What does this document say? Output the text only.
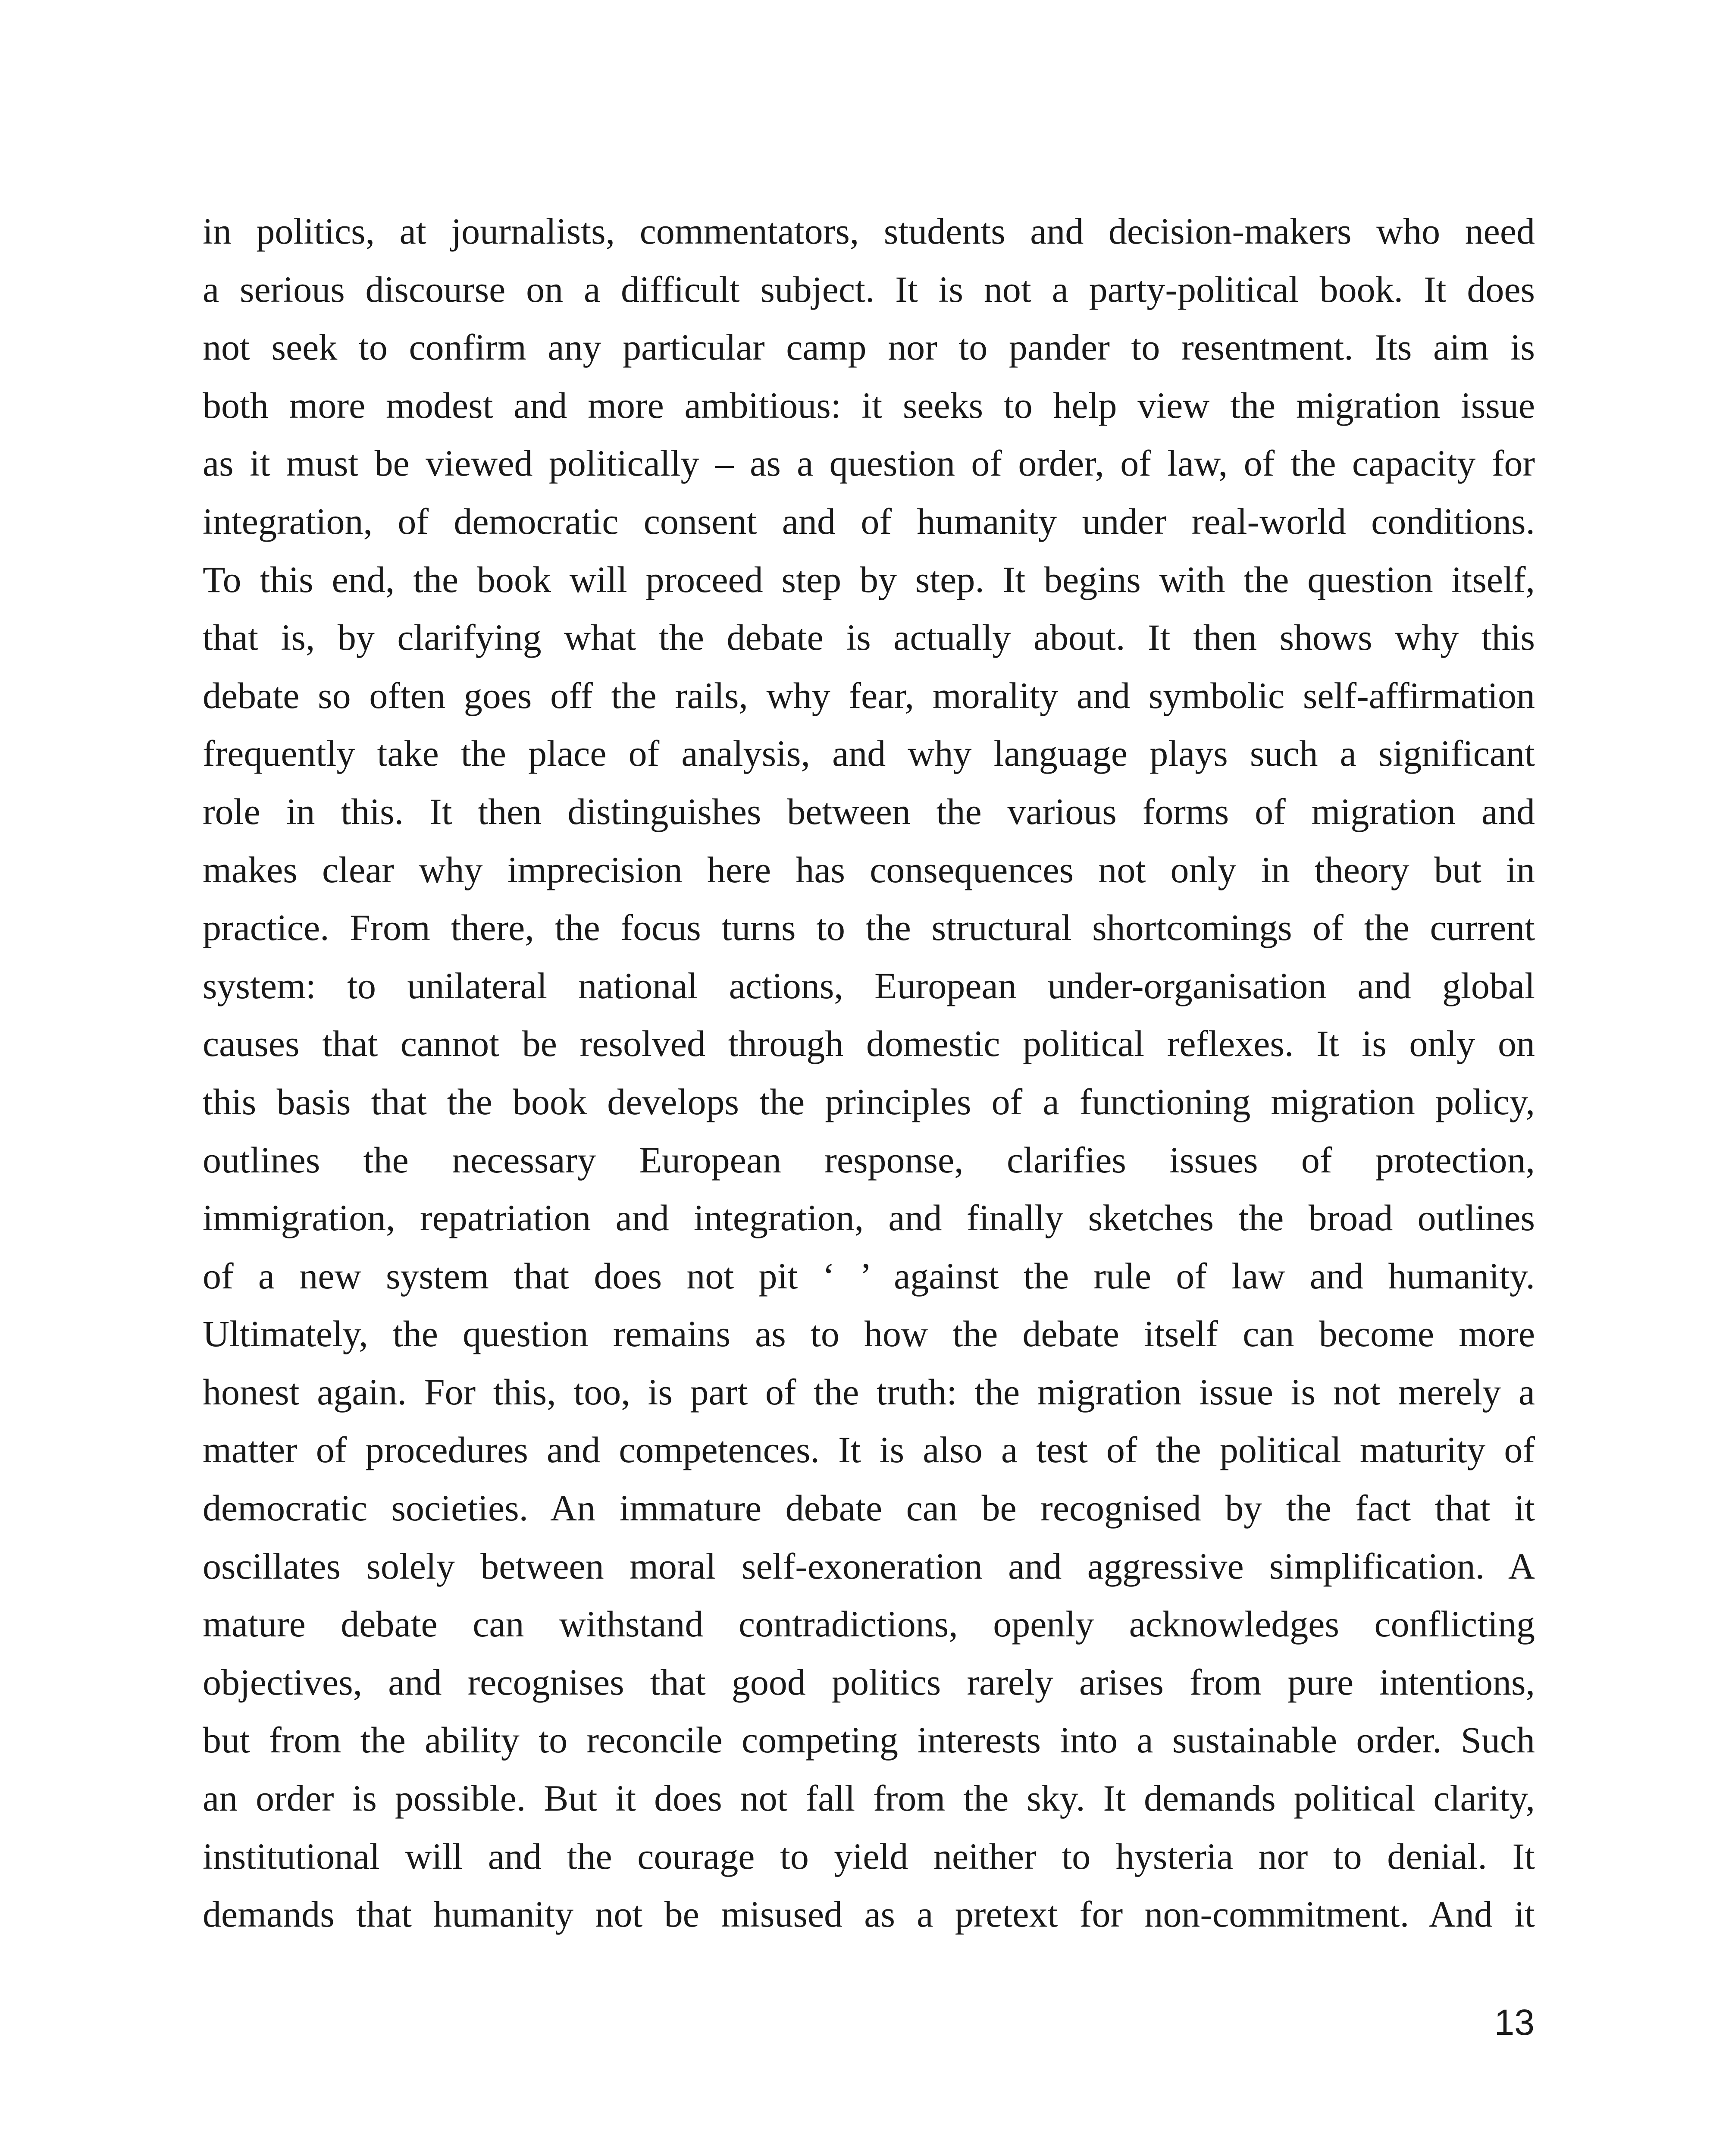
in politics, at journalists, commentators, students and decision-makers who need
a serious discourse on a difficult subject. It is not a party-political book. It does
not seek to confirm any particular camp nor to pander to resentment. Its aim is
both more modest and more ambitious: it seeks to help view the migration issue
as it must be viewed politically – as a question of order, of law, of the capacity for
integration, of democratic consent and of humanity under real-world conditions.
To this end, the book will proceed step by step. It begins with the question itself,
that is, by clarifying what the debate is actually about. It then shows why this
debate so often goes off the rails, why fear, morality and symbolic self-affirmation
frequently take the place of analysis, and why language plays such a significant
role in this. It then distinguishes between the various forms of migration and
makes clear why imprecision here has consequences not only in theory but in
practice. From there, the focus turns to the structural shortcomings of the current
system: to unilateral national actions, European under-organisation and global
causes that cannot be resolved through domestic political reflexes. It is only on
this basis that the book develops the principles of a functioning migration policy,
outlines the necessary European response, clarifies issues of protection,
immigration, repatriation and integration, and finally sketches the broad outlines
of a new system that does not pit ‘ ’ against the rule of law and humanity.
Ultimately, the question remains as to how the debate itself can become more
honest again. For this, too, is part of the truth: the migration issue is not merely a
matter of procedures and competences. It is also a test of the political maturity of
democratic societies. An immature debate can be recognised by the fact that it
oscillates solely between moral self-exoneration and aggressive simplification. A
mature debate can withstand contradictions, openly acknowledges conflicting
objectives, and recognises that good politics rarely arises from pure intentions,
but from the ability to reconcile competing interests into a sustainable order. Such
an order is possible. But it does not fall from the sky. It demands political clarity,
institutional will and the courage to yield neither to hysteria nor to denial. It
demands that humanity not be misused as a pretext for non-commitment. And it

13
